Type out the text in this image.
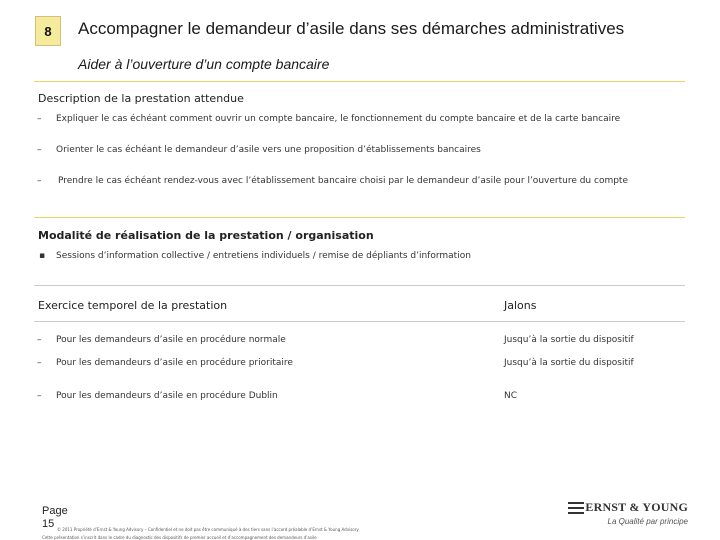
8	Accompagner le demandeur d’asile dans ses démarches administratives
Aider à l’ouverture d’un compte bancaire
Description de la prestation attendue
– Expliquer le cas échéant comment ouvrir un compte bancaire, le fonctionnement du compte bancaire et de la carte bancaire
– Orienter le cas échéant le demandeur d’asile vers une proposition d’établissements bancaires
– Prendre le cas échéant rendez-vous avec l’établissement bancaire choisi par le demandeur d’asile pour l’ouverture du compte
Modalité de réalisation de la prestation / organisation
▪ Sessions d’information collective / entretiens individuels / remise de dépliants d’information
Exercice temporel de la prestation	Jalons
– Pour les demandeurs d’asile en procédure normale	Jusqu’à la sortie du dispositif
– Pour les demandeurs d’asile en procédure prioritaire	Jusqu’à la sortie du dispositif
– Pour les demandeurs d’asile en procédure Dublin	NC
Page
15 © 2011 Propriété d’Ernst & Young Advisory – Confidentiel et ne doit pas être communiqué à des tiers sans l’accord préalable d’Ernst & Young Advisory
Cette présentation s’inscrit dans le cadre du diagnostic des dispositifs de premier accueil et d’accompagnement des demandeurs d’asile
ERNST & YOUNG
La Qualité par principe
